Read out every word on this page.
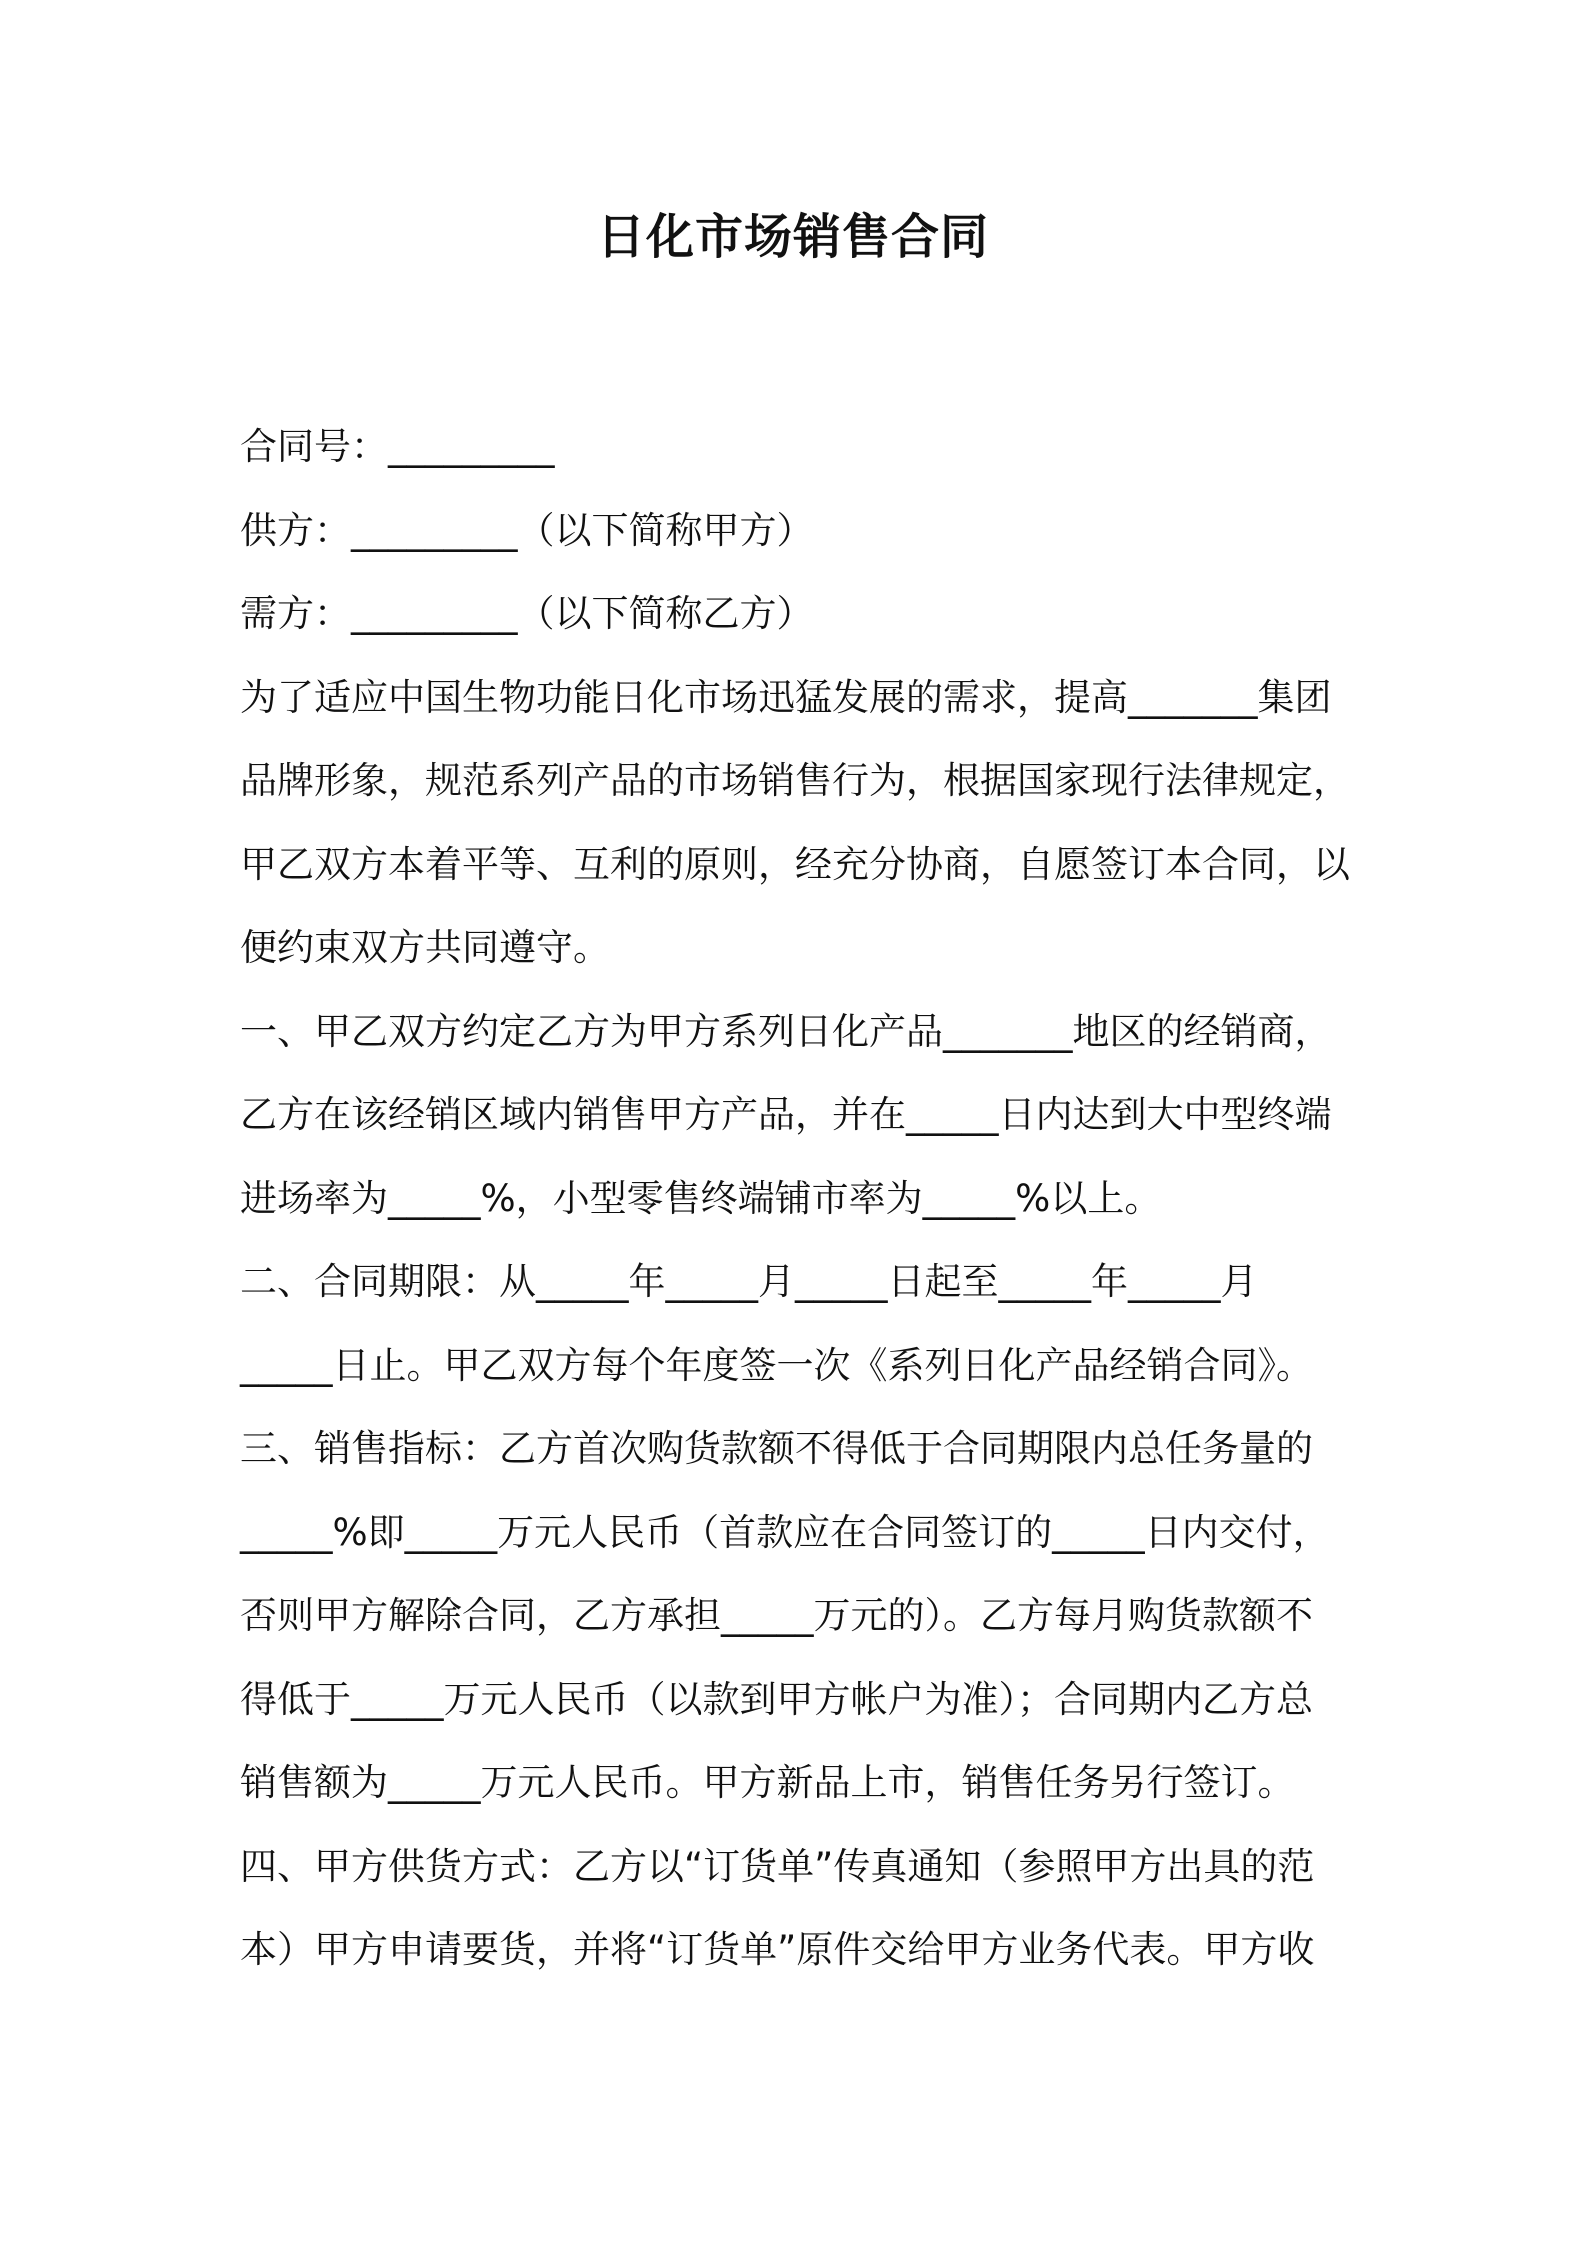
日化市场销售合同
合同号：_________
供方：_________（以下简称甲方）
需方：_________（以下简称乙方）
为了适应中国生物功能日化市场迅猛发展的需求，提高_______集团
品牌形象，规范系列产品的市场销售行为，根据国家现行法律规定，
甲乙双方本着平等、互利的原则，经充分协商，自愿签订本合同，以
便约束双方共同遵守。
一、甲乙双方约定乙方为甲方系列日化产品_______地区的经销商，
乙方在该经销区域内销售甲方产品，并在_____日内达到大中型终端
进场率为_____%，小型零售终端铺市率为_____%以上。
二、合同期限：从_____年_____月_____日起至_____年_____月
_____日止。甲乙双方每个年度签一次《系列日化产品经销合同》。
三、销售指标：乙方首次购货款额不得低于合同期限内总任务量的
_____%即_____万元人民币（首款应在合同签订的_____日内交付，
否则甲方解除合同，乙方承担_____万元的）。乙方每月购货款额不
得低于_____万元人民币（以款到甲方帐户为准）；合同期内乙方总
销售额为_____万元人民币。甲方新品上市，销售任务另行签订。
四、甲方供货方式：乙方以“订货单”传真通知（参照甲方出具的范
本）甲方申请要货，并将“订货单”原件交给甲方业务代表。甲方收
